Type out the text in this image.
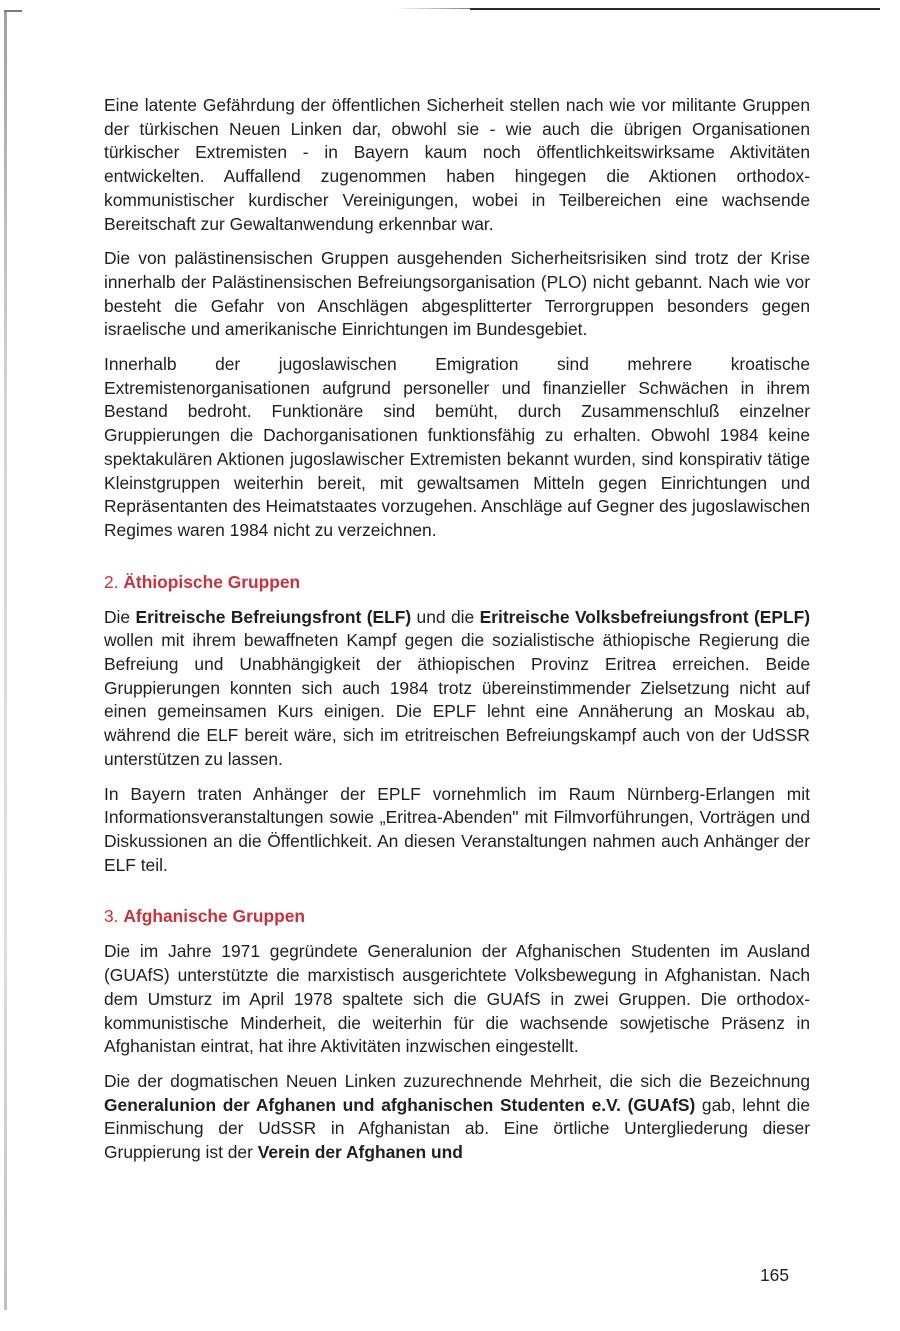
Eine latente Gefährdung der öffentlichen Sicherheit stellen nach wie vor militante Gruppen der türkischen Neuen Linken dar, obwohl sie - wie auch die übrigen Organisationen türkischer Extremisten - in Bayern kaum noch öffentlichkeitswirksame Aktivitäten entwickelten. Auffallend zugenommen haben hingegen die Aktionen orthodox-kommunistischer kurdischer Vereinigungen, wobei in Teilbereichen eine wachsende Bereitschaft zur Gewaltanwendung erkennbar war.

Die von palästinensischen Gruppen ausgehenden Sicherheitsrisiken sind trotz der Krise innerhalb der Palästinensischen Befreiungsorganisation (PLO) nicht gebannt. Nach wie vor besteht die Gefahr von Anschlägen abgesplitterter Terrorgruppen besonders gegen israelische und amerikanische Einrichtungen im Bundesgebiet.

Innerhalb der jugoslawischen Emigration sind mehrere kroatische Extremistenorganisationen aufgrund personeller und finanzieller Schwächen in ihrem Bestand bedroht. Funktionäre sind bemüht, durch Zusammenschluß einzelner Gruppierungen die Dachorganisationen funktionsfähig zu erhalten. Obwohl 1984 keine spektakulären Aktionen jugoslawischer Extremisten bekannt wurden, sind konspirativ tätige Kleinstgruppen weiterhin bereit, mit gewaltsamen Mitteln gegen Einrichtungen und Repräsentanten des Heimatstaates vorzugehen. Anschläge auf Gegner des jugoslawischen Regimes waren 1984 nicht zu verzeichnen.

2. Äthiopische Gruppen

Die Eritreische Befreiungsfront (ELF) und die Eritreische Volksbefreiungsfront (EPLF) wollen mit ihrem bewaffneten Kampf gegen die sozialistische äthiopische Regierung die Befreiung und Unabhängigkeit der äthiopischen Provinz Eritrea erreichen. Beide Gruppierungen konnten sich auch 1984 trotz übereinstimmender Zielsetzung nicht auf einen gemeinsamen Kurs einigen. Die EPLF lehnt eine Annäherung an Moskau ab, während die ELF bereit wäre, sich im etritreischen Befreiungskampf auch von der UdSSR unterstützen zu lassen.

In Bayern traten Anhänger der EPLF vornehmlich im Raum Nürnberg-Erlangen mit Informationsveranstaltungen sowie „Eritrea-Abenden" mit Filmvorführungen, Vorträgen und Diskussionen an die Öffentlichkeit. An diesen Veranstaltungen nahmen auch Anhänger der ELF teil.

3. Afghanische Gruppen

Die im Jahre 1971 gegründete Generalunion der Afghanischen Studenten im Ausland (GUAfS) unterstützte die marxistisch ausgerichtete Volksbewegung in Afghanistan. Nach dem Umsturz im April 1978 spaltete sich die GUAfS in zwei Gruppen. Die orthodox- kommunistische Minderheit, die weiterhin für die wachsende sowjetische Präsenz in Afghanistan eintrat, hat ihre Aktivitäten inzwischen eingestellt.

Die der dogmatischen Neuen Linken zuzurechnende Mehrheit, die sich die Bezeichnung Generalunion der Afghanen und afghanischen Studenten e.V. (GUAfS) gab, lehnt die Einmischung der UdSSR in Afghanistan ab. Eine örtliche Untergliederung dieser Gruppierung ist der Verein der Afghanen und

165
